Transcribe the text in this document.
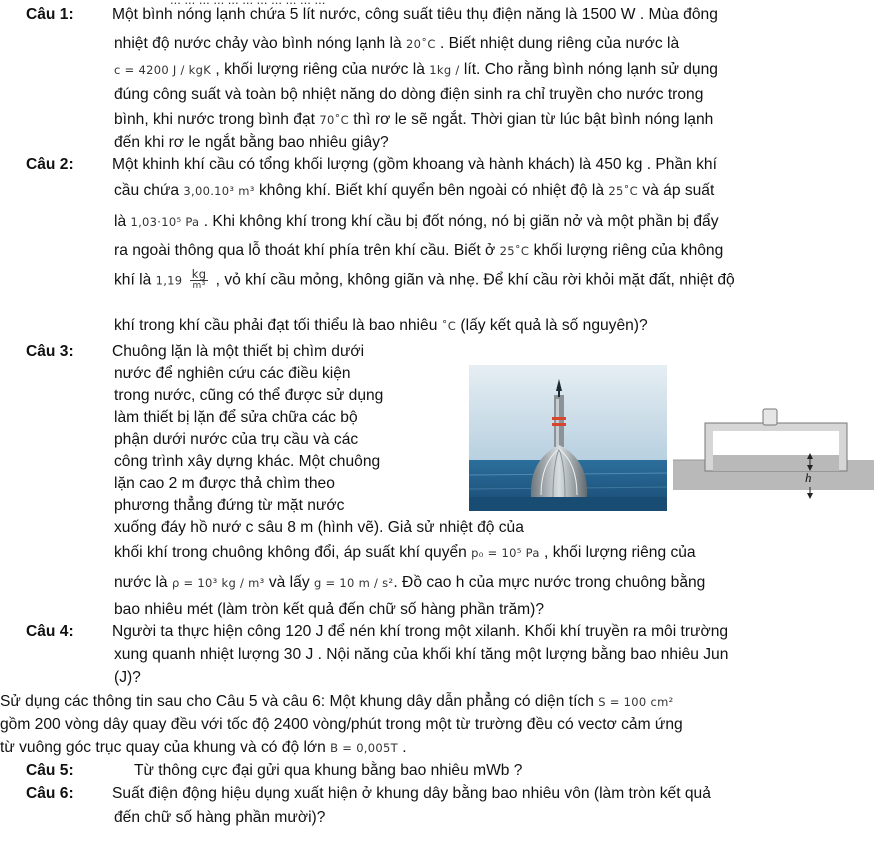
Câu 1: Một bình nóng lạnh chứa 5 lít nước, công suất tiêu thụ điện năng là 1500 W . Mùa đông
nhiệt độ nước chảy vào bình nóng lạnh là 20˚C . Biết nhiệt dung riêng của nước là
c = 4200 J / kgK , khối lượng riêng của nước là 1kg / lít. Cho rằng bình nóng lạnh sử dụng
đúng công suất và toàn bộ nhiệt năng do dòng điện sinh ra chỉ truyền cho nước trong
bình, khi nước trong bình đạt 70˚C thì rơ le sẽ ngắt. Thời gian từ lúc bật bình nóng lạnh
đến khi rơ le ngắt bằng bao nhiêu giây?
Câu 2: Một khinh khí cầu có tổng khối lượng (gồm khoang và hành khách) là 450 kg . Phần khí
cầu chứa 3,00.10³ m³ không khí. Biết khí quyển bên ngoài có nhiệt độ là 25˚C và áp suất
là 1,03·10⁵ Pa . Khi không khí trong khí cầu bị đốt nóng, nó bị giãn nở và một phần bị đẩy
ra ngoài thông qua lỗ thoát khí phía trên khí cầu. Biết ở 25˚C khối lượng riêng của không
khí là 1,19 kg
m³ , vỏ khí cầu mỏng, không giãn và nhẹ. Để khí cầu rời khỏi mặt đất, nhiệt độ
khí trong khí cầu phải đạt tối thiểu là bao nhiêu ˚C (lấy kết quả là số nguyên)?
Câu 3: Chuông lặn là một thiết bị chìm dưới
nước để nghiên cứu các điều kiện
trong nước, cũng có thể được sử dụng
làm thiết bị lặn để sửa chữa các bộ
phận dưới nước của trụ cầu và các
công trình xây dựng khác. Một chuông
lặn cao 2 m được thả chìm theo
phương thẳng đứng từ mặt nước
xuống đáy hồ nướ c sâu 8 m (hình vẽ). Giả sử nhiệt độ của
khối khí trong chuông không đổi, áp suất khí quyển p₀ = 10⁵ Pa , khối lượng riêng của
nước là ρ = 10³ kg / m³ và lấy g = 10 m / s². Đồ cao h của mực nước trong chuông bằng
bao nhiêu mét (làm tròn kết quả đến chữ số hàng phần trăm)?
h
Câu 4: Người ta thực hiện công 120 J để nén khí trong một xilanh. Khối khí truyền ra môi trường
xung quanh nhiệt lượng 30 J . Nội năng của khối khí tăng một lượng bằng bao nhiêu Jun
(J)?
Sử dụng các thông tin sau cho Câu 5 và câu 6: Một khung dây dẫn phẳng có diện tích S = 100 cm²
gồm 200 vòng dây quay đều với tốc độ 2400 vòng/phút trong một từ trường đều có vectơ cảm ứng
từ vuông góc trục quay của khung và có độ lớn B = 0,005T .
Câu 5:	Từ thông cực đại gửi qua khung bằng bao nhiêu mWb ?
Câu 6: Suất điện động hiệu dụng xuất hiện ở khung dây bằng bao nhiêu vôn (làm tròn kết quả
đến chữ số hàng phần mười)?
